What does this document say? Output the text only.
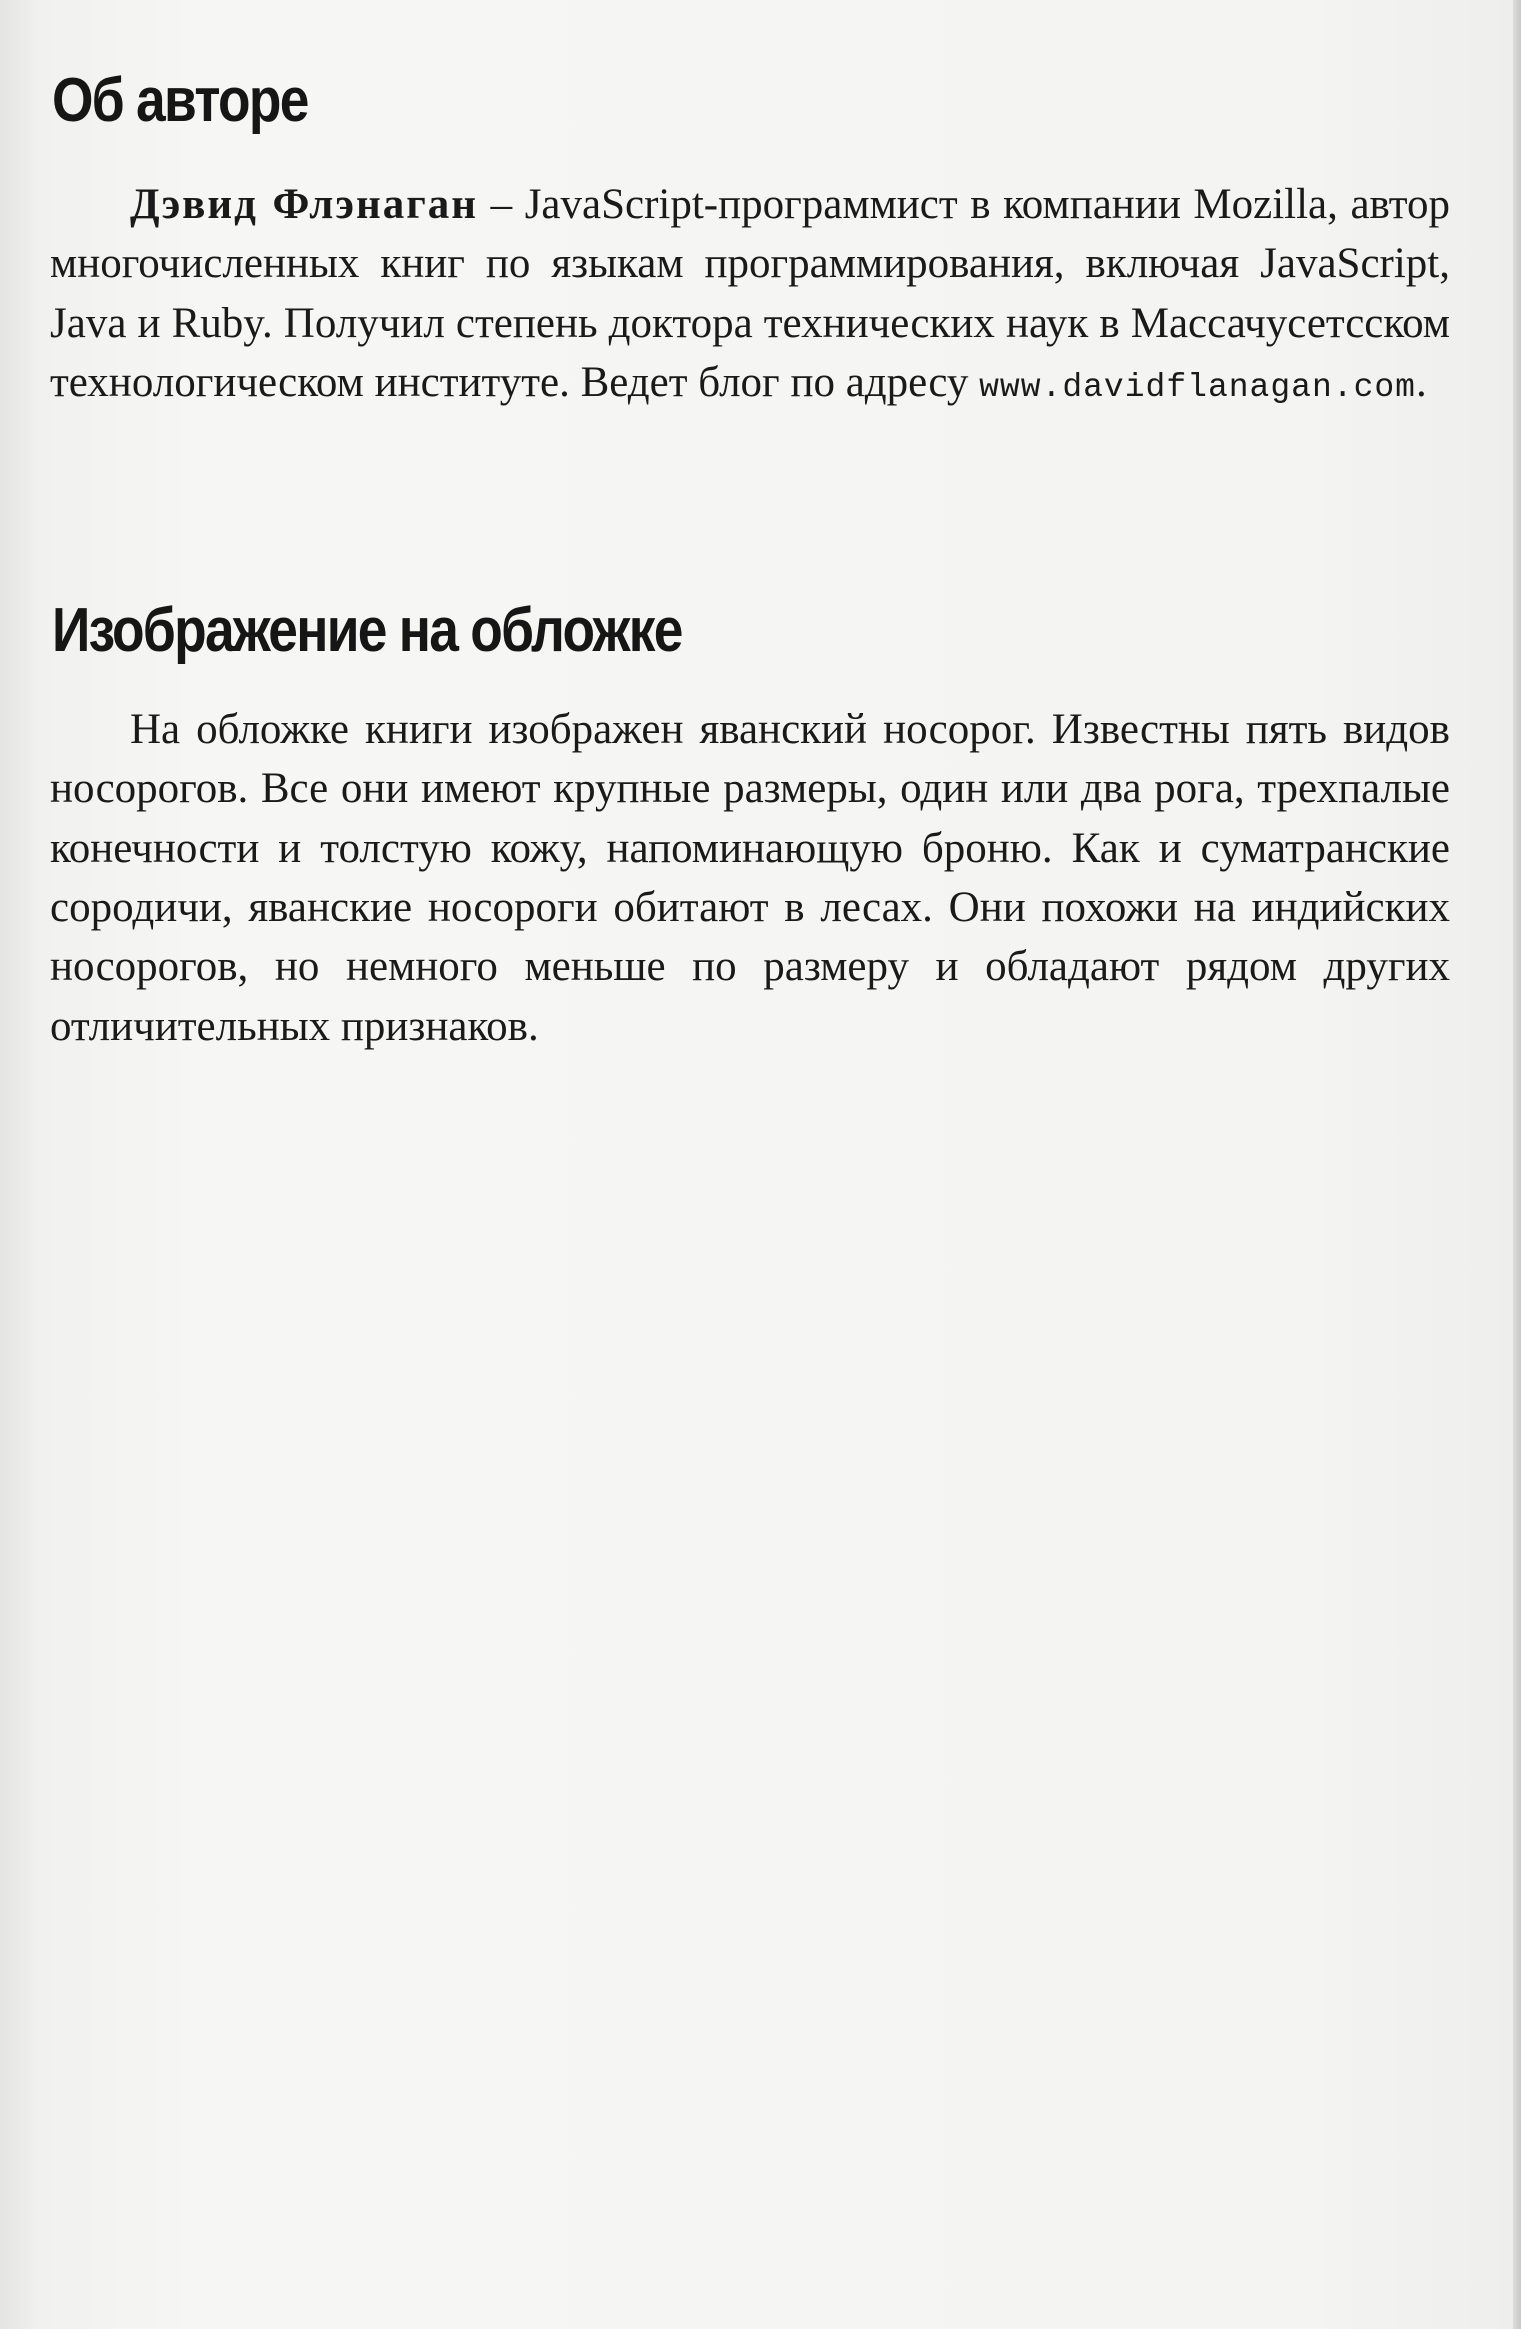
Об авторе

Дэвид Флэнаган – JavaScript-программист в компании Mozilla, автор многочисленных книг по языкам программирования, включая JavaScript, Java и Ruby. Получил степень доктора технических наук в Массачусетсском технологическом институте. Ведет блог по адресу www.davidflanagan.com.

Изображение на обложке

На обложке книги изображен яванский носорог. Известны пять видов носорогов. Все они имеют крупные размеры, один или два рога, трехпалые конечности и толстую кожу, напоминающую броню. Как и суматранские сородичи, яванские носороги обитают в лесах. Они похожи на индийских носорогов, но немного меньше по размеру и обладают рядом других отличительных признаков.
